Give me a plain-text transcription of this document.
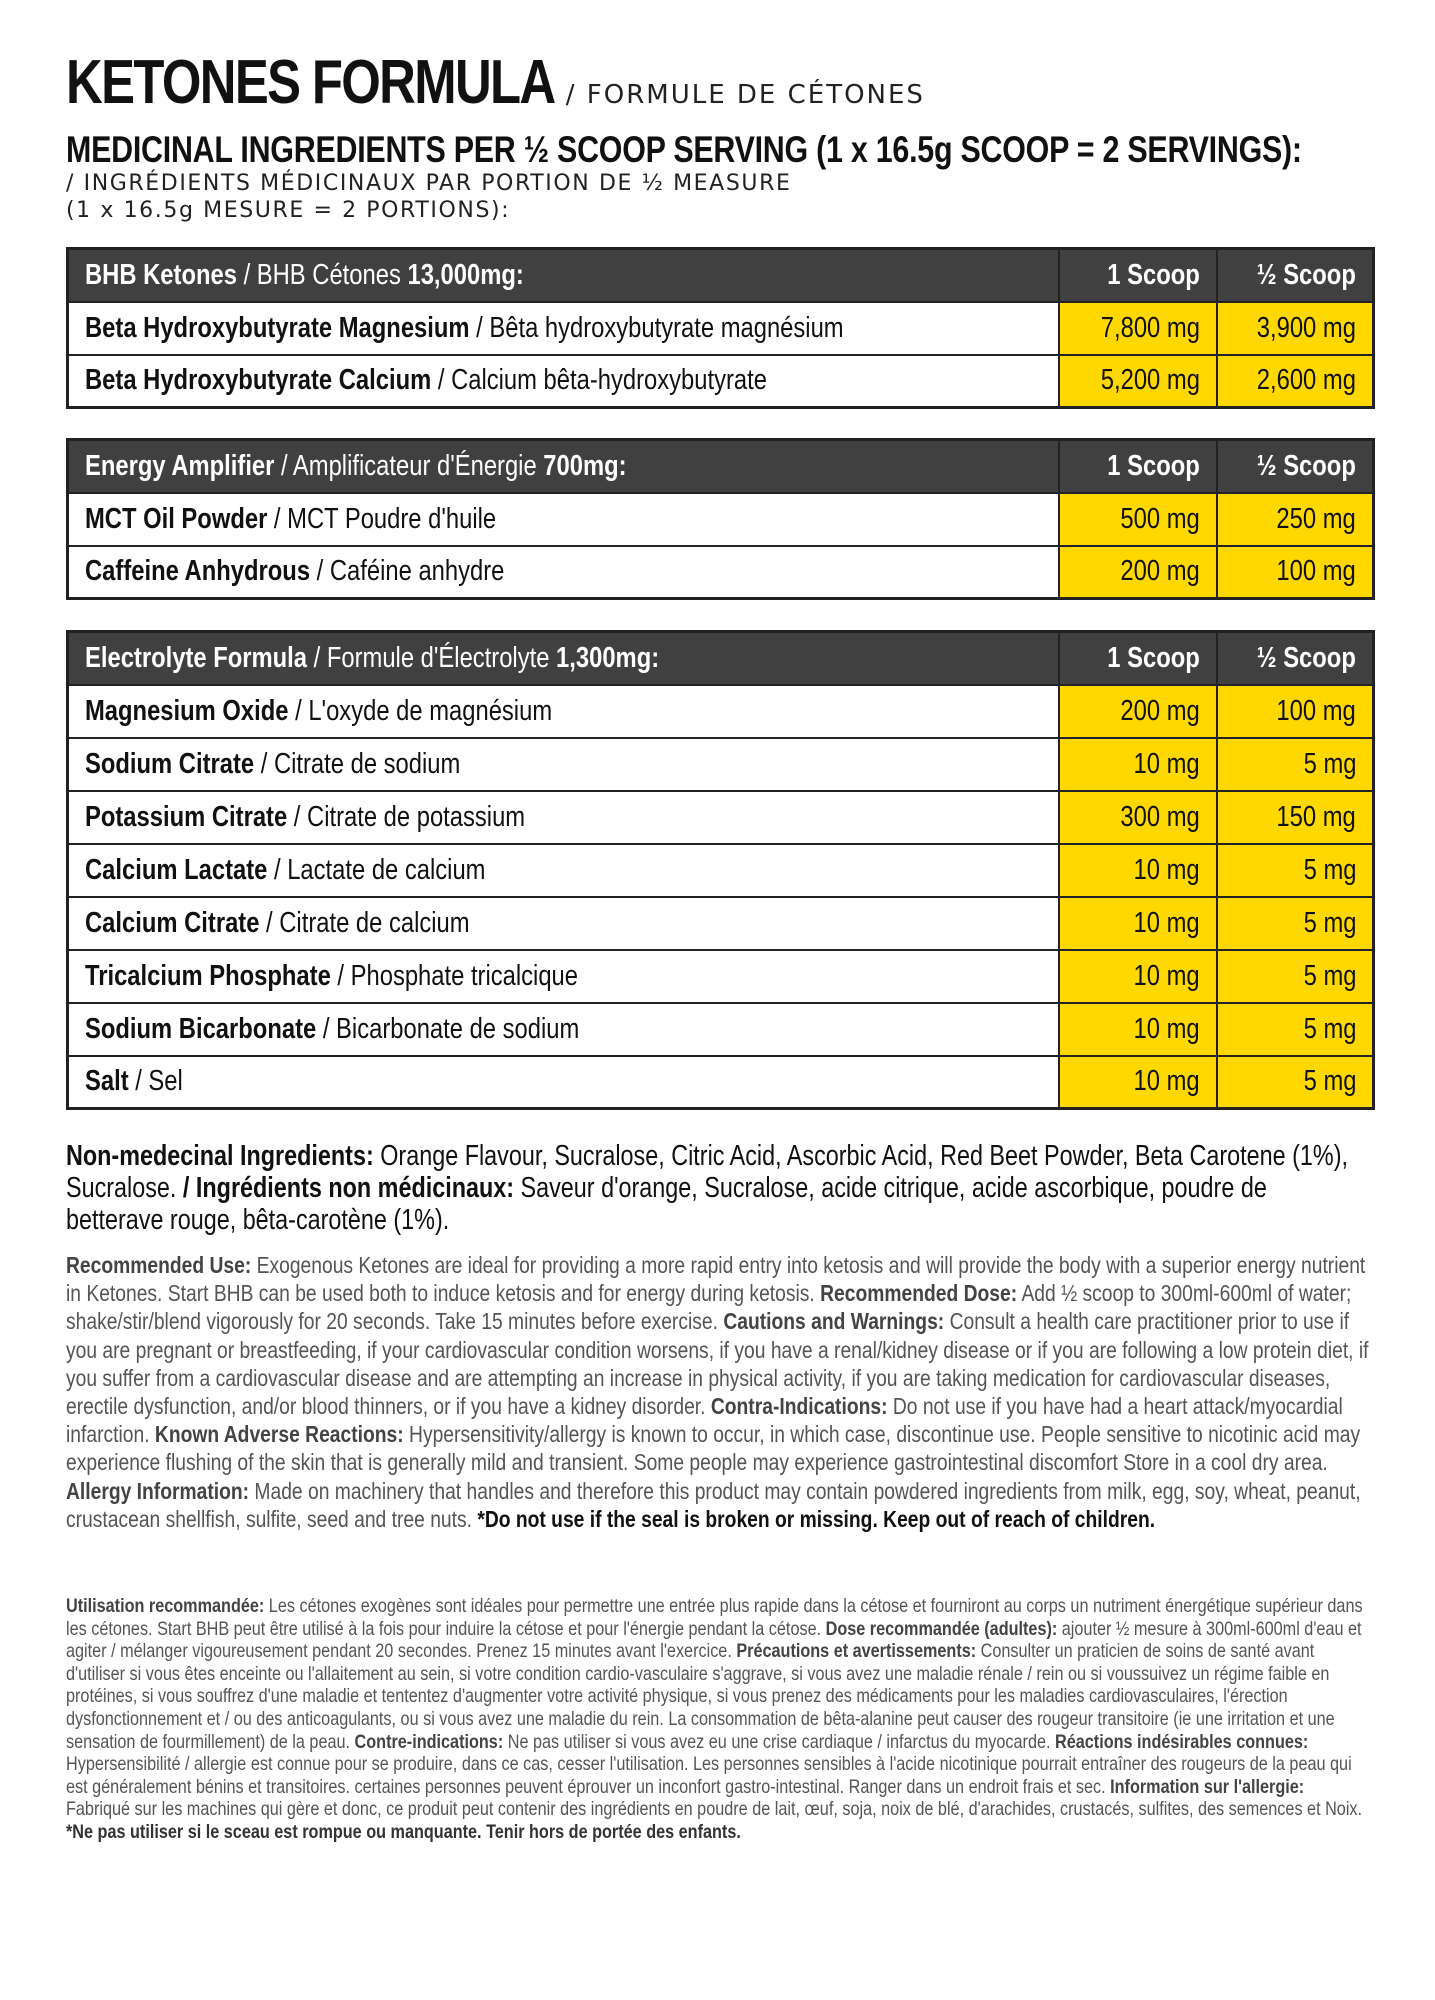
KETONES FORMULA / FORMULE DE CÉTONES
MEDICINAL INGREDIENTS PER ½ SCOOP SERVING (1 x 16.5g SCOOP = 2 SERVINGS):
/ INGRÉDIENTS MÉDICINAUX PAR PORTION DE ½ MEASURE
(1 x 16.5g MESURE = 2 PORTIONS):
BHB Ketones / BHB Cétones 13,000mg:	1 Scoop	½ Scoop
Beta Hydroxybutyrate Magnesium / Bêta hydroxybutyrate magnésium	7,800 mg	3,900 mg
Beta Hydroxybutyrate Calcium / Calcium bêta-hydroxybutyrate	5,200 mg	2,600 mg
Energy Amplifier / Amplificateur d'Énergie 700mg:	1 Scoop	½ Scoop
MCT Oil Powder / MCT Poudre d'huile	500 mg	250 mg
Caffeine Anhydrous / Caféine anhydre	200 mg	100 mg
Electrolyte Formula / Formule d'Électrolyte 1,300mg:	1 Scoop	½ Scoop
Magnesium Oxide / L'oxyde de magnésium	200 mg	100 mg
Sodium Citrate / Citrate de sodium	10 mg	5 mg
Potassium Citrate / Citrate de potassium	300 mg	150 mg
Calcium Lactate / Lactate de calcium	10 mg	5 mg
Calcium Citrate / Citrate de calcium	10 mg	5 mg
Tricalcium Phosphate / Phosphate tricalcique	10 mg	5 mg
Sodium Bicarbonate / Bicarbonate de sodium	10 mg	5 mg
Salt / Sel	10 mg	5 mg

Non-medecinal Ingredients: Orange Flavour, Sucralose, Citric Acid, Ascorbic Acid, Red Beet Powder, Beta Carotene (1%), Sucralose. / Ingrédients non médicinaux: Saveur d'orange, Sucralose, acide citrique, acide ascorbique, poudre de betterave rouge, bêta-carotène (1%).

Recommended Use: Exogenous Ketones are ideal for providing a more rapid entry into ketosis and will provide the body with a superior energy nutrient in Ketones. Start BHB can be used both to induce ketosis and for energy during ketosis. Recommended Dose: Add ½ scoop to 300ml-600ml of water; shake/stir/blend vigorously for 20 seconds. Take 15 minutes before exercise. Cautions and Warnings: Consult a health care practitioner prior to use if you are pregnant or breastfeeding, if your cardiovascular condition worsens, if you have a renal/kidney disease or if you are following a low protein diet, if you suffer from a cardiovascular disease and are attempting an increase in physical activity, if you are taking medication for cardiovascular diseases, erectile dysfunction, and/or blood thinners, or if you have a kidney disorder. Contra-Indications: Do not use if you have had a heart attack/myocardial infarction. Known Adverse Reactions: Hypersensitivity/allergy is known to occur, in which case, discontinue use. People sensitive to nicotinic acid may experience flushing of the skin that is generally mild and transient. Some people may experience gastrointestinal discomfort Store in a cool dry area. Allergy Information: Made on machinery that handles and therefore this product may contain powdered ingredients from milk, egg, soy, wheat, peanut, crustacean shellfish, sulfite, seed and tree nuts. *Do not use if the seal is broken or missing. Keep out of reach of children.

Utilisation recommandée: Les cétones exogènes sont idéales pour permettre une entrée plus rapide dans la cétose et fourniront au corps un nutriment énergétique supérieur dans les cétones. Start BHB peut être utilisé à la fois pour induire la cétose et pour l'énergie pendant la cétose. Dose recommandée (adultes): ajouter ½ mesure à 300ml-600ml d'eau et agiter / mélanger vigoureusement pendant 20 secondes. Prenez 15 minutes avant l'exercice. Précautions et avertissements: Consulter un praticien de soins de santé avant d'utiliser si vous êtes enceinte ou l'allaitement au sein, si votre condition cardio-vasculaire s'aggrave, si vous avez une maladie rénale / rein ou si voussuivez un régime faible en protéines, si vous souffrez d'une maladie et tententez d'augmenter votre activité physique, si vous prenez des médicaments pour les maladies cardiovasculaires, l'érection dysfonctionnement et / ou des anticoagulants, ou si vous avez une maladie du rein. La consommation de bêta-alanine peut causer des rougeur transitoire (ie une irritation et une sensation de fourmillement) de la peau. Contre-indications: Ne pas utiliser si vous avez eu une crise cardiaque / infarctus du myocarde. Réactions indésirables connues: Hypersensibilité / allergie est connue pour se produire, dans ce cas, cesser l'utilisation. Les personnes sensibles à l'acide nicotinique pourrait entraîner des rougeurs de la peau qui est généralement bénins et transitoires. certaines personnes peuvent éprouver un inconfort gastro-intestinal. Ranger dans un endroit frais et sec. Information sur l'allergie: Fabriqué sur les machines qui gère et donc, ce produit peut contenir des ingrédients en poudre de lait, œuf, soja, noix de blé, d'arachides, crustacés, sulfites, des semences et Noix.
*Ne pas utiliser si le sceau est rompue ou manquante. Tenir hors de portée des enfants.
